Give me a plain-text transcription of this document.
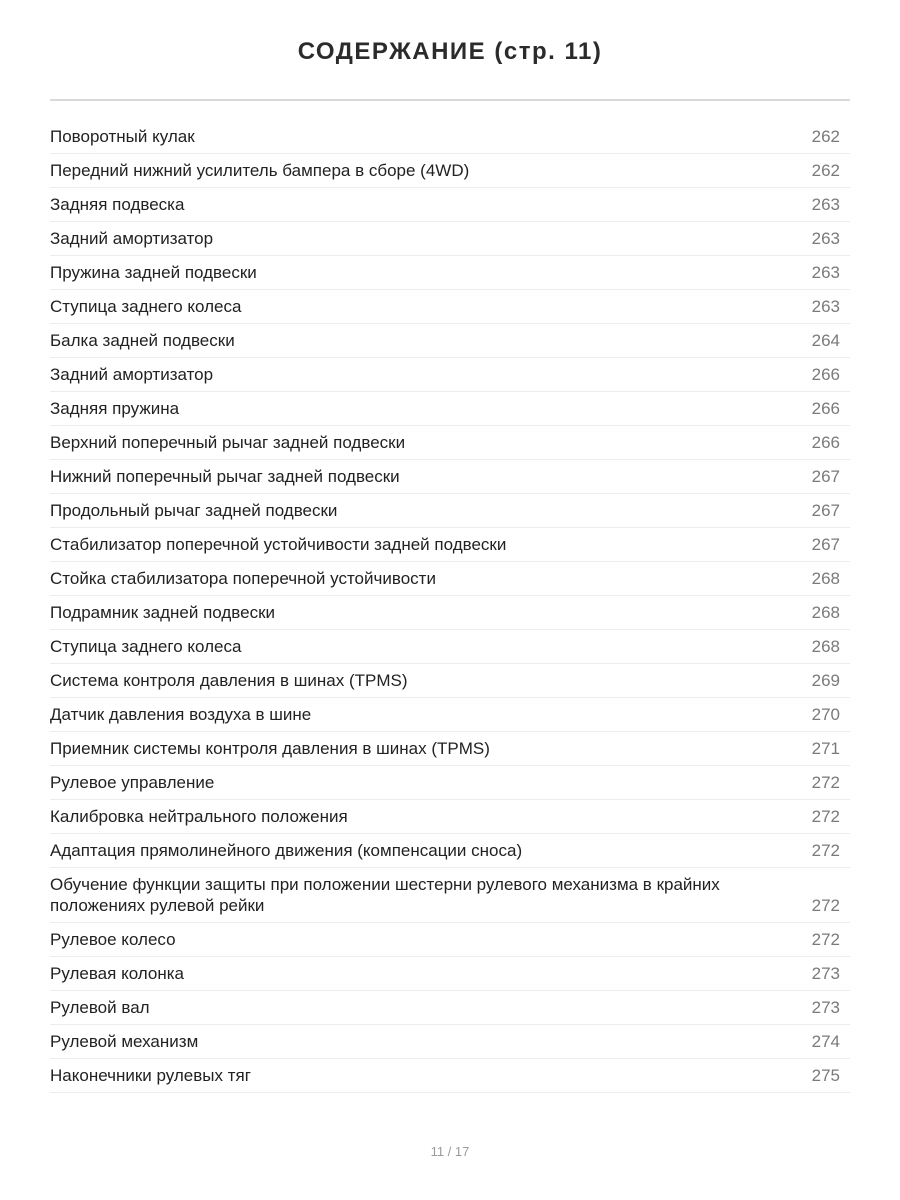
СОДЕРЖАНИЕ (стр. 11)
Поворотный кулак	262
Передний нижний усилитель бампера в сборе (4WD)	262
Задняя подвеска	263
Задний амортизатор	263
Пружина задней подвески	263
Ступица заднего колеса	263
Балка задней подвески	264
Задний амортизатор	266
Задняя пружина	266
Верхний поперечный рычаг задней подвески	266
Нижний поперечный рычаг задней подвески	267
Продольный рычаг задней подвески	267
Стабилизатор поперечной устойчивости задней подвески	267
Стойка стабилизатора поперечной устойчивости	268
Подрамник задней подвески	268
Ступица заднего колеса	268
Система контроля давления в шинах (TPMS)	269
Датчик давления воздуха в шине	270
Приемник системы контроля давления в шинах (TPMS)	271
Рулевое управление	272
Калибровка нейтрального положения	272
Адаптация прямолинейного движения (компенсации сноса)	272
Обучение функции защиты при положении шестерни рулевого механизма в крайних положениях рулевой рейки	272
Рулевое колесо	272
Рулевая колонка	273
Рулевой вал	273
Рулевой механизм	274
Наконечники рулевых тяг	275
11 / 17
